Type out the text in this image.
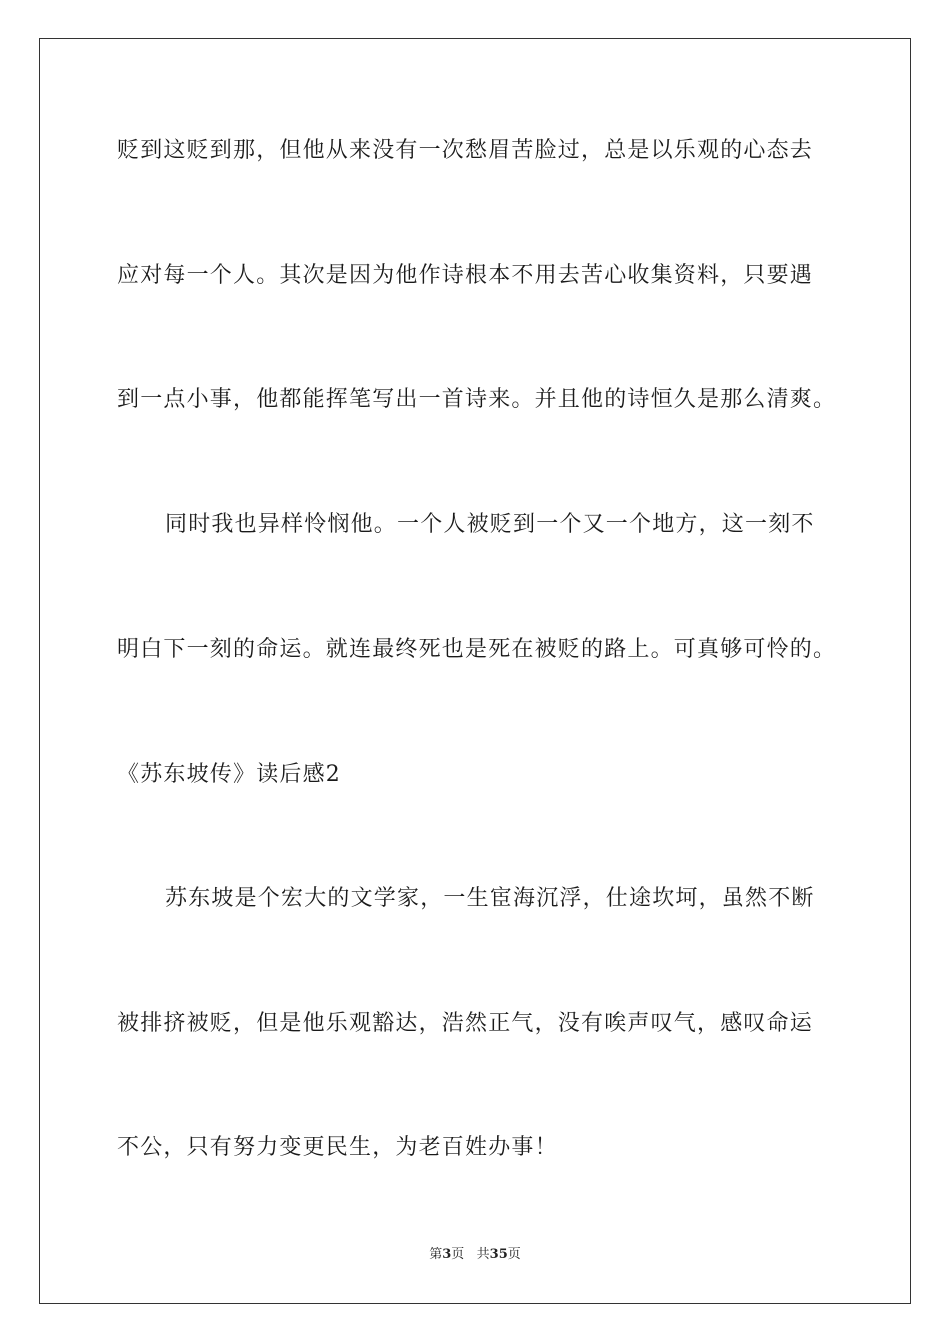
贬到这贬到那，但他从来没有一次愁眉苦脸过，总是以乐观的心态去
应对每一个人。其次是因为他作诗根本不用去苦心收集资料，只要遇
到一点小事，他都能挥笔写出一首诗来。并且他的诗恒久是那么清爽。
同时我也异样怜悯他。一个人被贬到一个又一个地方，这一刻不
明白下一刻的命运。就连最终死也是死在被贬的路上。可真够可怜的。
《苏东坡传》读后感2
苏东坡是个宏大的文学家，一生宦海沉浮，仕途坎坷，虽然不断
被排挤被贬，但是他乐观豁达，浩然正气，没有唉声叹气，感叹命运
不公，只有努力变更民生，为老百姓办事！
第3页   共35页
